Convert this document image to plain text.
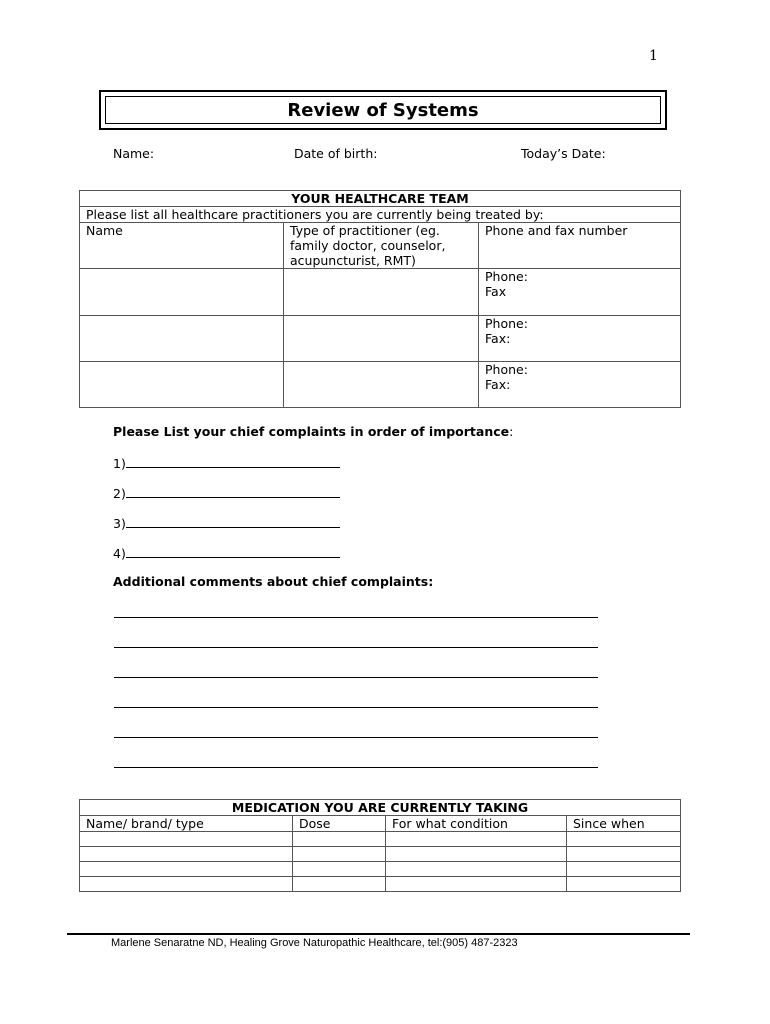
1
Review of Systems
Name:	Date of birth:	Today’s Date:
YOUR HEALTHCARE TEAM		
Please list all healthcare practitioners you are currently being treated by:		
Name	Type of practitioner (eg.
family doctor, counselor,
acupuncturist, RMT)	Phone and fax number

		Phone:
Fax

		Phone:
Fax:

		Phone:
Fax:
Please List your chief complaints in order of importance:
1)
2)
3)
4)
Additional comments about chief complaints:
MEDICATION YOU ARE CURRENTLY TAKING			
Name/ brand/ type	Dose	For what condition	Since when

Marlene Senaratne ND, Healing Grove Naturopathic Healthcare, tel:(905) 487-2323
